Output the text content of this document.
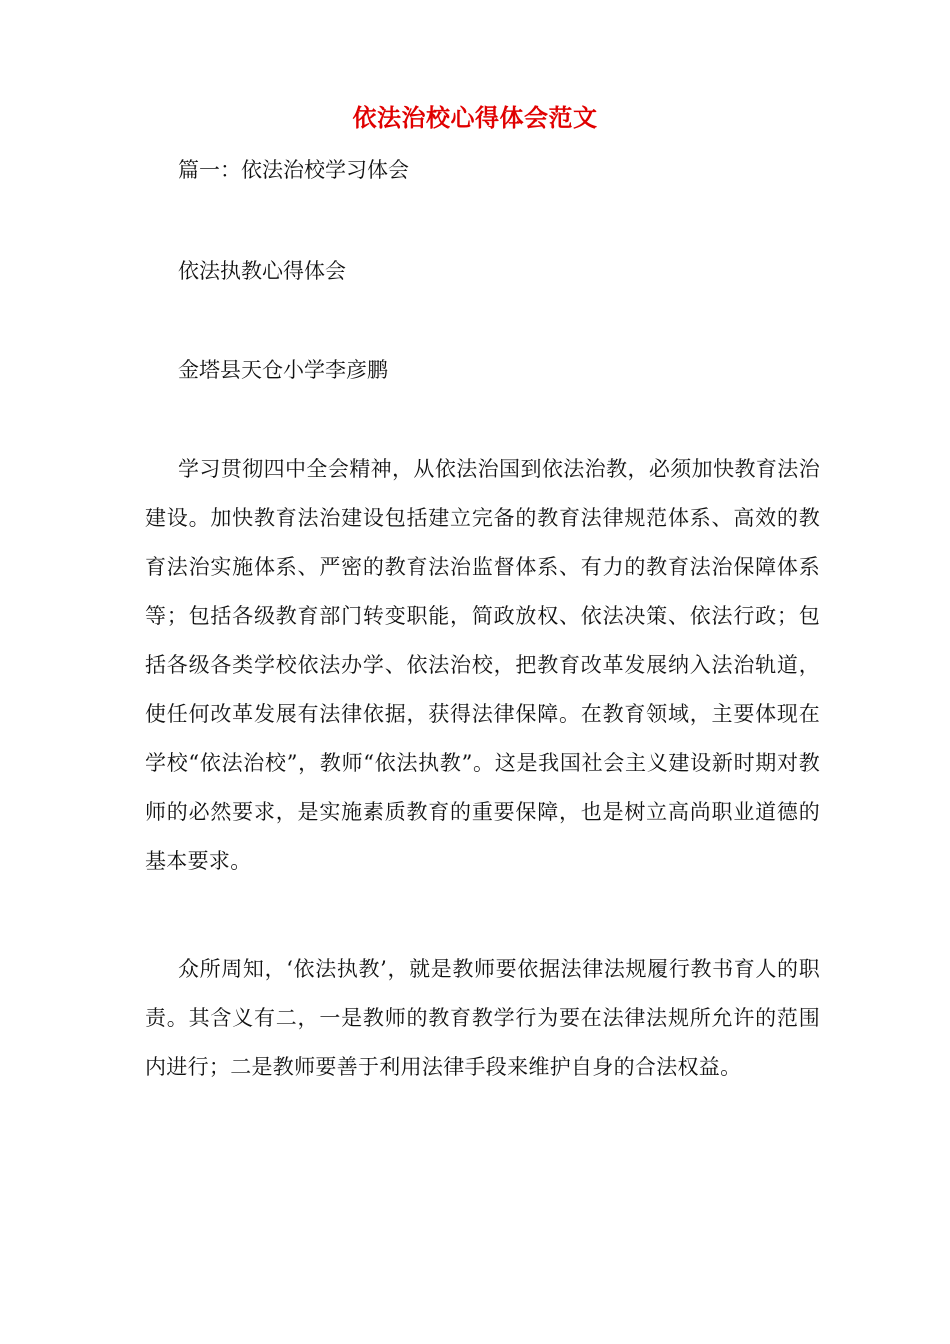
依法治校心得体会范文
篇一：依法治校学习体会
依法执教心得体会
金塔县天仓小学李彦鹏
学习贯彻四中全会精神，从依法治国到依法治教，必须加快教育法治建设。加快教育法治建设包括建立完备的教育法律规范体系、高效的教育法治实施体系、严密的教育法治监督体系、有力的教育法治保障体系等；包括各级教育部门转变职能，简政放权、依法决策、依法行政；包括各级各类学校依法办学、依法治校，把教育改革发展纳入法治轨道，使任何改革发展有法律依据，获得法律保障。在教育领域，主要体现在学校“依法治校”，教师“依法执教”。这是我国社会主义建设新时期对教师的必然要求，是实施素质教育的重要保障，也是树立高尚职业道德的基本要求。
众所周知，‘依法执教’，就是教师要依据法律法规履行教书育人的职责。其含义有二，一是教师的教育教学行为要在法律法规所允许的范围内进行；二是教师要善于利用法律手段来维护自身的合法权益。
